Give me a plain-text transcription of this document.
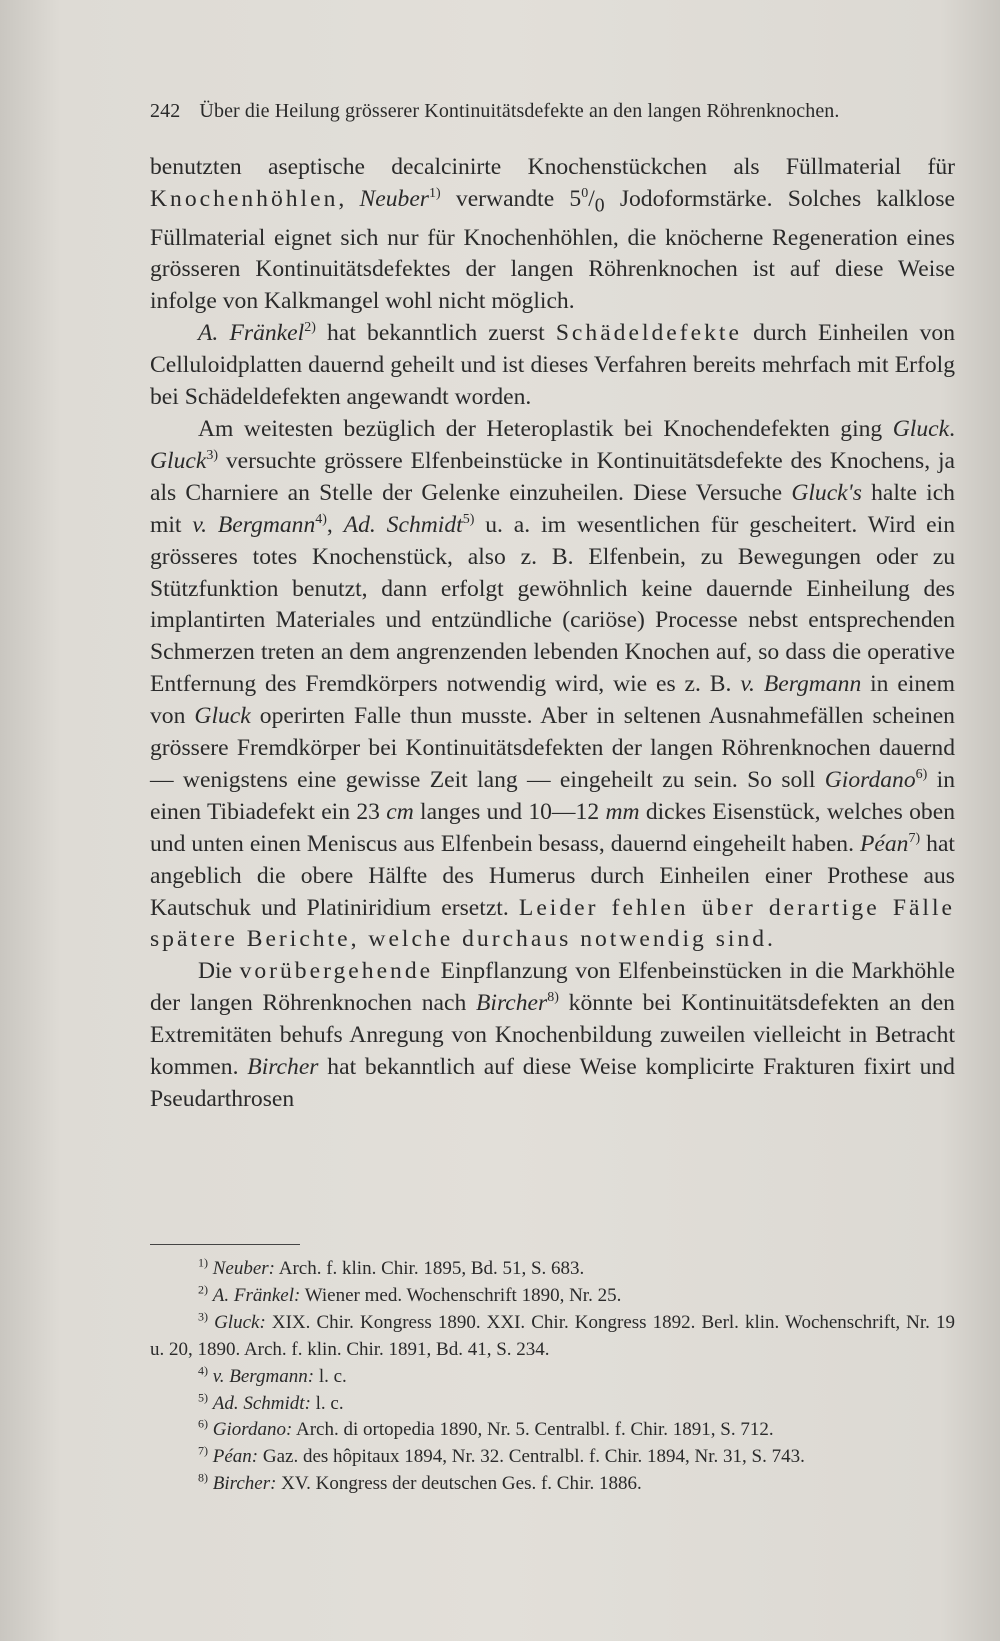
242 Über die Heilung grösserer Kontinuitätsdefekte an den langen Röhrenknochen.

benutzten aseptische decalcinirte Knochenstückchen als Füllmaterial für Knochenhöhlen, Neuber$^{1)}$ verwandte $5^0/_0$ Jodoformstärke. Solches kalklose Füllmaterial eignet sich nur für Knochenhöhlen, die knöcherne Regeneration eines grösseren Kontinuitätsdefektes der langen Röhrenknochen ist auf diese Weise infolge von Kalkmangel wohl nicht möglich.

A. Fränkel$^{2)}$ hat bekanntlich zuerst Schädeldefekte durch Einheilen von Celluloidplatten dauernd geheilt und ist dieses Verfahren bereits mehrfach mit Erfolg bei Schädeldefekten angewandt worden.

Am weitesten bezüglich der Heteroplastik bei Knochendefekten ging Gluck. Gluck$^{3)}$ versuchte grössere Elfenbeinstücke in Kontinuitätsdefekte des Knochens, ja als Charniere an Stelle der Gelenke einzuheilen. Diese Versuche Gluck's halte ich mit v. Bergmann$^{4)}$, Ad. Schmidt$^{5)}$ u. a. im wesentlichen für gescheitert. Wird ein grösseres totes Knochenstück, also z. B. Elfenbein, zu Bewegungen oder zu Stützfunktion benutzt, dann erfolgt gewöhnlich keine dauernde Einheilung des implantirten Materiales und entzündliche (cariöse) Processe nebst entsprechenden Schmerzen treten an dem angrenzenden lebenden Knochen auf, so dass die operative Entfernung des Fremdkörpers notwendig wird, wie es z. B. v. Bergmann in einem von Gluck operirten Falle thun musste. Aber in seltenen Ausnahmefällen scheinen grössere Fremdkörper bei Kontinuitätsdefekten der langen Röhrenknochen dauernd — wenigstens eine gewisse Zeit lang — eingeheilt zu sein. So soll Giordano$^{6)}$ in einen Tibiadefekt ein 23 cm langes und 10—12 mm dickes Eisenstück, welches oben und unten einen Meniscus aus Elfenbein besass, dauernd eingeheilt haben. Péan$^{7)}$ hat angeblich die obere Hälfte des Humerus durch Einheilen einer Prothese aus Kautschuk und Platiniridium ersetzt. Leider fehlen über derartige Fälle spätere Berichte, welche durchaus notwendig sind.

Die vorübergehende Einpflanzung von Elfenbeinstücken in die Markhöhle der langen Röhrenknochen nach Bircher$^{8)}$ könnte bei Kontinuitätsdefekten an den Extremitäten behufs Anregung von Knochenbildung zuweilen vielleicht in Betracht kommen. Bircher hat bekanntlich auf diese Weise komplicirte Frakturen fixirt und Pseudarthrosen

$^{1)}$ Neuber: Arch. f. klin. Chir. 1895, Bd. 51, S. 683.

$^{2)}$ A. Fränkel: Wiener med. Wochenschrift 1890, Nr. 25.

$^{3)}$ Gluck: XIX. Chir. Kongress 1890. XXI. Chir. Kongress 1892. Berl. klin. Wochenschrift, Nr. 19 u. 20, 1890. Arch. f. klin. Chir. 1891, Bd. 41, S. 234.

$^{4)}$ v. Bergmann: l. c.

$^{5)}$ Ad. Schmidt: l. c.

$^{6)}$ Giordano: Arch. di ortopedia 1890, Nr. 5. Centralbl. f. Chir. 1891, S. 712.

$^{7)}$ Péan: Gaz. des hôpitaux 1894, Nr. 32. Centralbl. f. Chir. 1894, Nr. 31, S. 743.

$^{8)}$ Bircher: XV. Kongress der deutschen Ges. f. Chir. 1886.
